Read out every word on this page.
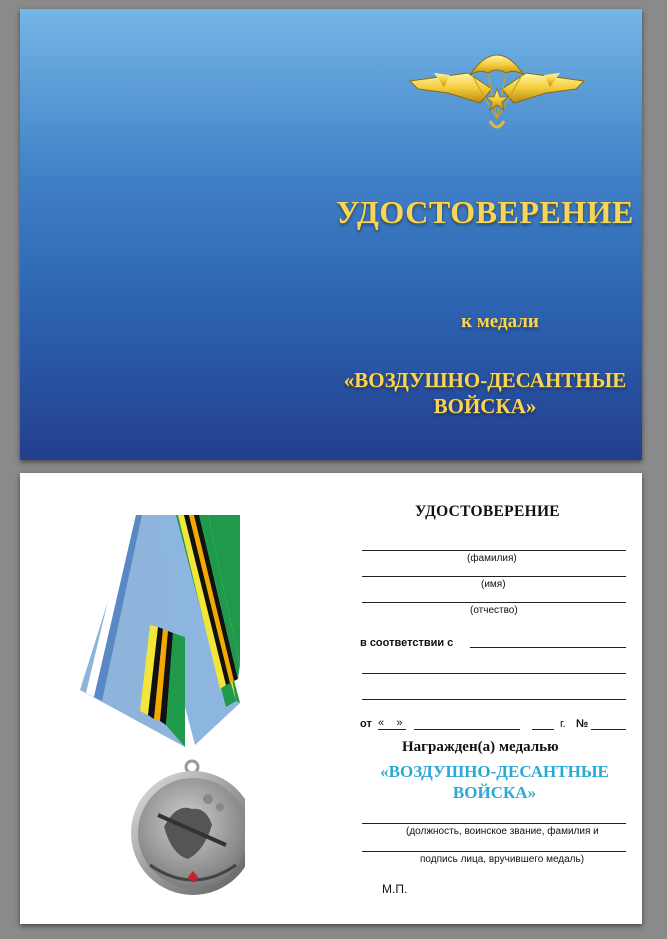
УДОСТОВЕРЕНИЕ
к медали
«ВОЗДУШНО-ДЕСАНТНЫЕ
ВОЙСКА»
УДОСТОВЕРЕНИЕ
(фамилия)
(имя)
(отчество)
в соответствии с
от «    »	г. №
Награжден(а) медалью
«ВОЗДУШНО-ДЕСАНТНЫЕ
ВОЙСКА»
(должность, воинское звание, фамилия и
подпись лица, вручившего медаль)
М.П.
